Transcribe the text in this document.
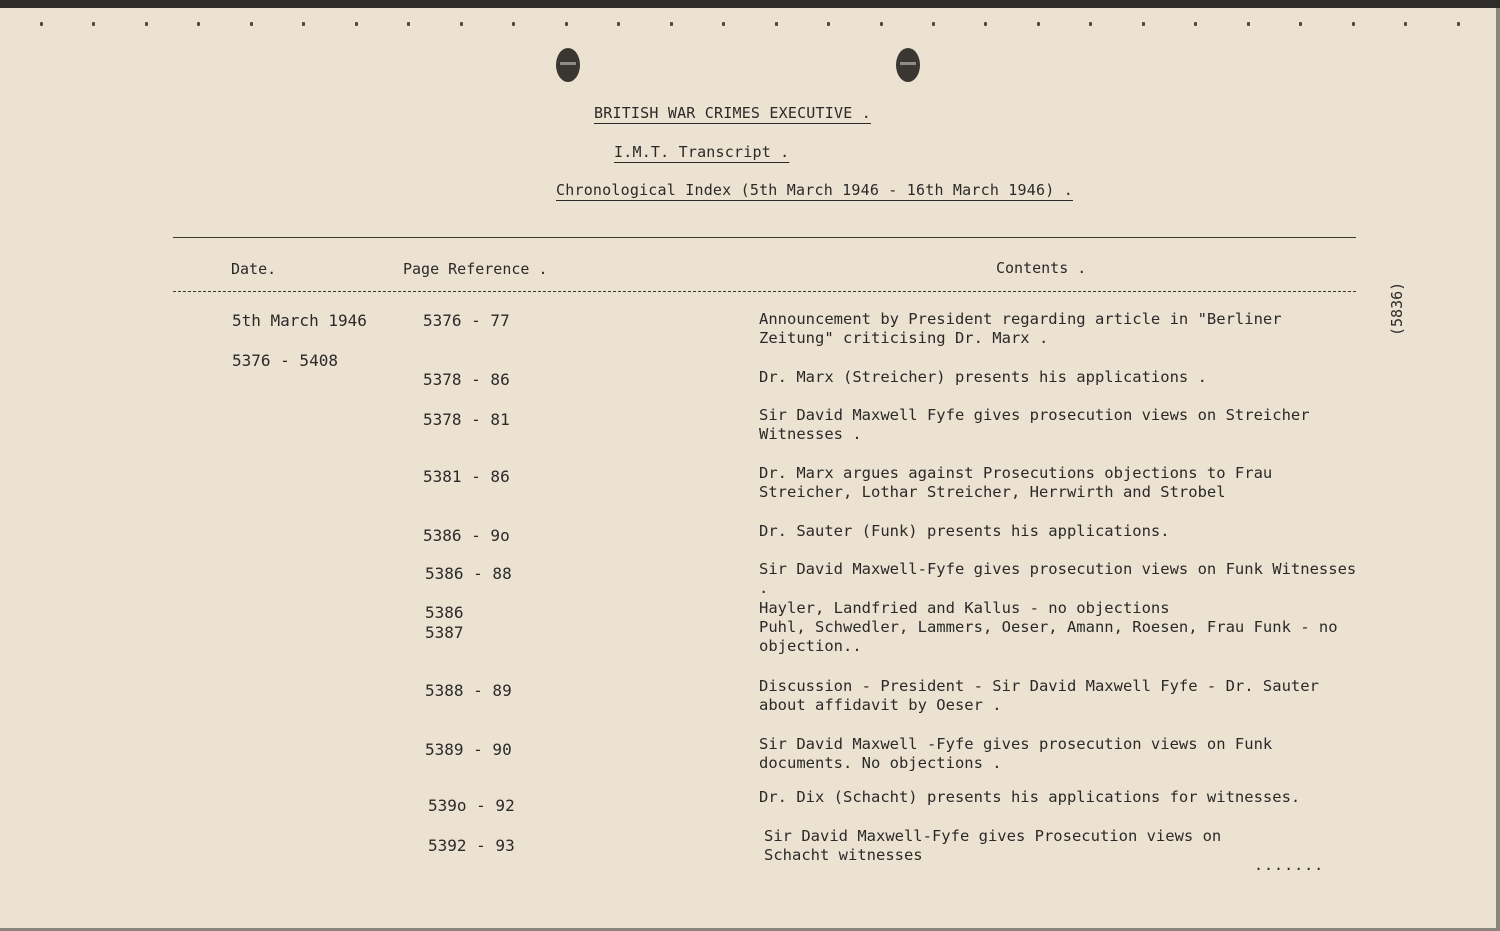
BRITISH WAR CRIMES EXECUTIVE .
I.M.T. Transcript .
Chronological Index (5th March 1946 - 16th March 1946) .
Date.	Page Reference .	Contents .
(5836)
5th March 1946
5376 - 5408
5376 - 77	Announcement by President regarding article in "Berliner Zeitung" criticising Dr. Marx .
5378 - 86	Dr. Marx (Streicher) presents his applications .
5378 - 81	Sir David Maxwell Fyfe gives prosecution views on Streicher Witnesses .
5381 - 86	Dr. Marx argues against Prosecutions objections to Frau Streicher, Lothar Streicher, Herrwirth and Strobel
5386 - 9o	Dr. Sauter (Funk) presents his applications.
5386 - 88	Sir David Maxwell-Fyfe gives prosecution views on Funk Witnesses .
5386	Hayler, Landfried and Kallus - no objections
5387	Puhl, Schwedler, Lammers, Oeser, Amann, Roesen, Frau Funk - no objection..
5388 - 89	Discussion - President - Sir David Maxwell Fyfe - Dr. Sauter about affidavit by Oeser .
5389 - 90	Sir David Maxwell -Fyfe gives prosecution views on Funk documents. No objections .
539o - 92	Dr. Dix (Schacht) presents his applications for witnesses.
5392 - 93	Sir David Maxwell-Fyfe gives Prosecution views on Schacht witnesses
.......
